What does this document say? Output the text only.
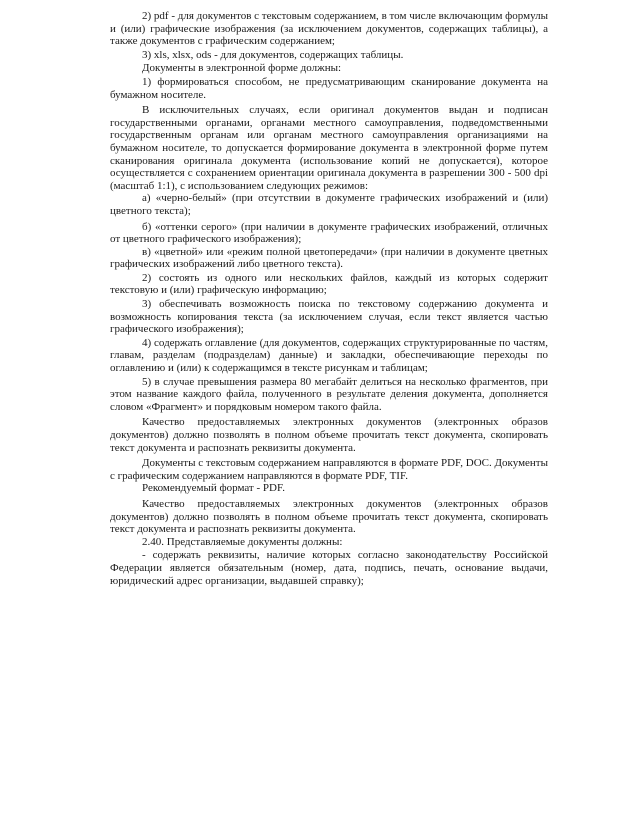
2) pdf - для документов с текстовым содержанием, в том числе включающим формулы и (или) графические изображения (за исключением документов, содержащих таблицы), а также документов с графическим содержанием;

3) xls, xlsx, ods - для документов, содержащих таблицы.

Документы в электронной форме должны:

1) формироваться способом, не предусматривающим сканирование документа на бумажном носителе.

В исключительных случаях, если оригинал документов выдан и подписан государственными органами, органами местного самоуправления, подведомственными государственным органам или органам местного самоуправления организациями на бумажном носителе, то допускается формирование документа в электронной форме путем сканирования оригинала документа (использование копий не допускается), которое осуществляется с сохранением ориентации оригинала документа в разрешении 300 - 500 dpi (масштаб 1:1), с использованием следующих режимов:

а) «черно-белый» (при отсутствии в документе графических изображений и (или) цветного текста);

б) «оттенки серого» (при наличии в документе графических изображений, отличных от цветного графического изображения);

в) «цветной» или «режим полной цветопередачи» (при наличии в документе цветных графических изображений либо цветного текста).

2) состоять из одного или нескольких файлов, каждый из которых содержит текстовую и (или) графическую информацию;

3) обеспечивать возможность поиска по текстовому содержанию документа и возможность копирования текста (за исключением случая, если текст является частью графического изображения);

4) содержать оглавление (для документов, содержащих структурированные по частям, главам, разделам (подразделам) данные) и закладки, обеспечивающие переходы по оглавлению и (или) к содержащимся в тексте рисункам и таблицам;

5) в случае превышения размера 80 мегабайт делиться на несколько фрагментов, при этом название каждого файла, полученного в результате деления документа, дополняется словом «Фрагмент» и порядковым номером такого файла.

Качество предоставляемых электронных документов (электронных образов документов) должно позволять в полном объеме прочитать текст документа, скопировать текст документа и распознать реквизиты документа.

Документы с текстовым содержанием направляются в формате PDF, DOC. Документы с графическим содержанием направляются в формате PDF, TIF.

Рекомендуемый формат - PDF.

Качество предоставляемых электронных документов (электронных образов документов) должно позволять в полном объеме прочитать текст документа, скопировать текст документа и распознать реквизиты документа.

2.40. Представляемые документы должны:

- содержать реквизиты, наличие которых согласно законодательству Российской Федерации является обязательным (номер, дата, подпись, печать, основание выдачи, юридический адрес организации, выдавшей справку);
